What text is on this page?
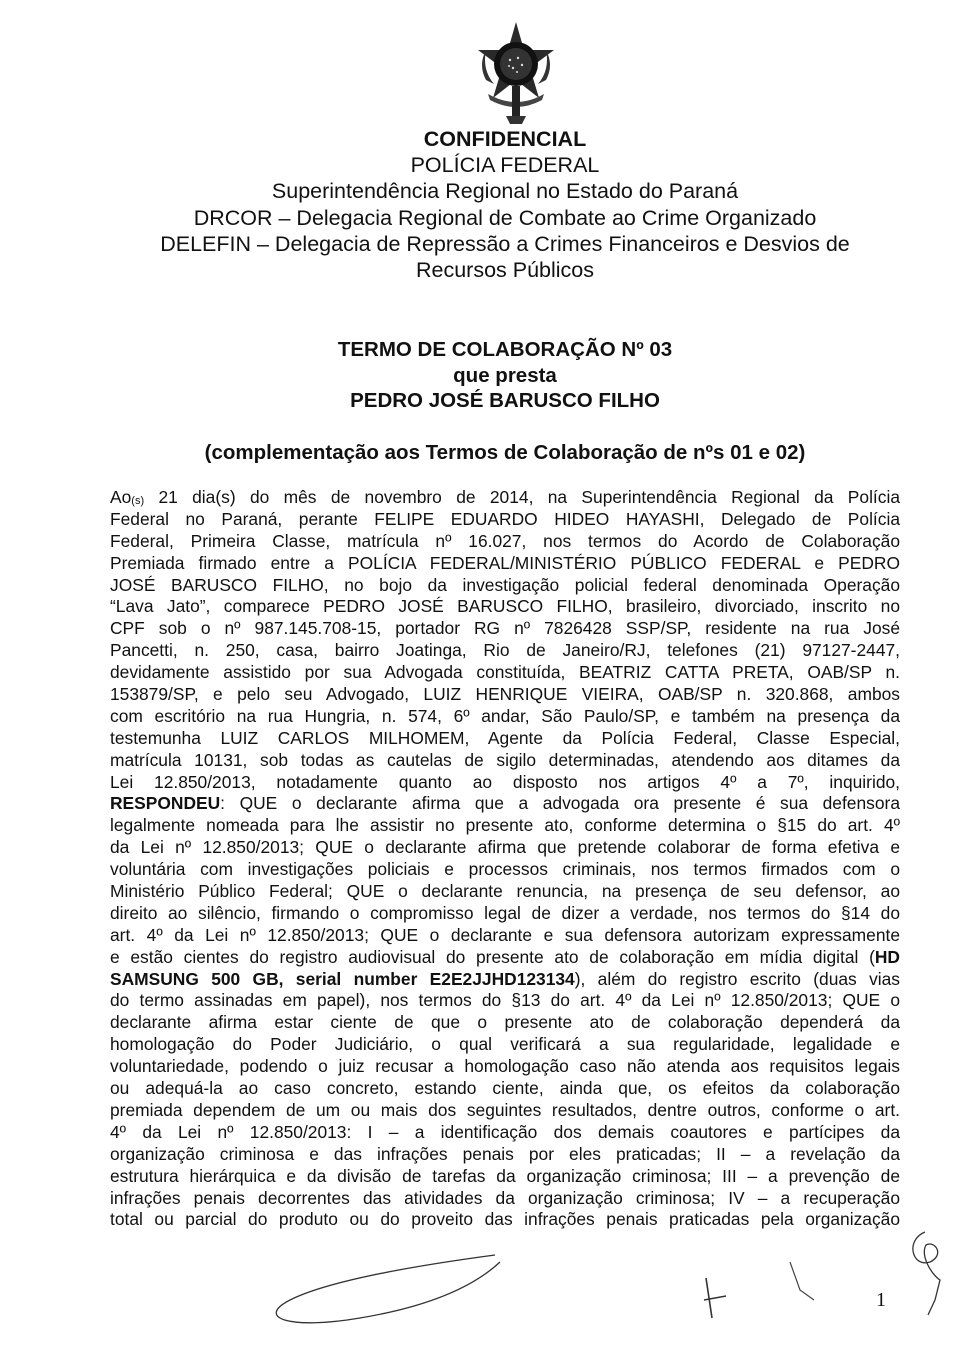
CONFIDENCIAL
POLÍCIA FEDERAL
Superintendência Regional no Estado do Paraná
DRCOR – Delegacia Regional de Combate ao Crime Organizado
DELEFIN – Delegacia de Repressão a Crimes Financeiros e Desvios de
Recursos Públicos
TERMO DE COLABORAÇÃO Nº 03
que presta
PEDRO JOSÉ BARUSCO FILHO
(complementação aos Termos de Colaboração de nºs 01 e 02)
Ao(s) 21 dia(s) do mês de novembro de 2014, na Superintendência Regional da Polícia
Federal no Paraná, perante FELIPE EDUARDO HIDEO HAYASHI, Delegado de Polícia
Federal, Primeira Classe, matrícula nº 16.027, nos termos do Acordo de Colaboração
Premiada firmado entre a POLÍCIA FEDERAL/MINISTÉRIO PÚBLICO FEDERAL e PEDRO
JOSÉ BARUSCO FILHO, no bojo da investigação policial federal denominada Operação
“Lava Jato”, comparece PEDRO JOSÉ BARUSCO FILHO, brasileiro, divorciado, inscrito no
CPF sob o nº 987.145.708-15, portador RG nº 7826428 SSP/SP, residente na rua José
Pancetti, n. 250, casa, bairro Joatinga, Rio de Janeiro/RJ, telefones (21) 97127-2447,
devidamente assistido por sua Advogada constituída, BEATRIZ CATTA PRETA, OAB/SP n.
153879/SP, e pelo seu Advogado, LUIZ HENRIQUE VIEIRA, OAB/SP n. 320.868, ambos
com escritório na rua Hungria, n. 574, 6º andar, São Paulo/SP, e também na presença da
testemunha LUIZ CARLOS MILHOMEM, Agente da Polícia Federal, Classe Especial,
matrícula 10131, sob todas as cautelas de sigilo determinadas, atendendo aos ditames da
Lei 12.850/2013, notadamente quanto ao disposto nos artigos 4º a 7º, inquirido,
RESPONDEU: QUE o declarante afirma que a advogada ora presente é sua defensora
legalmente nomeada para lhe assistir no presente ato, conforme determina o §15 do art. 4º
da Lei nº 12.850/2013; QUE o declarante afirma que pretende colaborar de forma efetiva e
voluntária com investigações policiais e processos criminais, nos termos firmados com o
Ministério Público Federal; QUE o declarante renuncia, na presença de seu defensor, ao
direito ao silêncio, firmando o compromisso legal de dizer a verdade, nos termos do §14 do
art. 4º da Lei nº 12.850/2013; QUE o declarante e sua defensora autorizam expressamente
e estão cientes do registro audiovisual do presente ato de colaboração em mídia digital (HD
SAMSUNG 500 GB, serial number E2E2JJHD123134), além do registro escrito (duas vias
do termo assinadas em papel), nos termos do §13 do art. 4º da Lei nº 12.850/2013; QUE o
declarante afirma estar ciente de que o presente ato de colaboração dependerá da
homologação do Poder Judiciário, o qual verificará a sua regularidade, legalidade e
voluntariedade, podendo o juiz recusar a homologação caso não atenda aos requisitos legais
ou adequá-la ao caso concreto, estando ciente, ainda que, os efeitos da colaboração
premiada dependem de um ou mais dos seguintes resultados, dentre outros, conforme o art.
4º da Lei nº 12.850/2013: I – a identificação dos demais coautores e partícipes da
organização criminosa e das infrações penais por eles praticadas; II – a revelação da
estrutura hierárquica e da divisão de tarefas da organização criminosa; III – a prevenção de
infrações penais decorrentes das atividades da organização criminosa; IV – a recuperação
total ou parcial do produto ou do proveito das infrações penais praticadas pela organização
1
